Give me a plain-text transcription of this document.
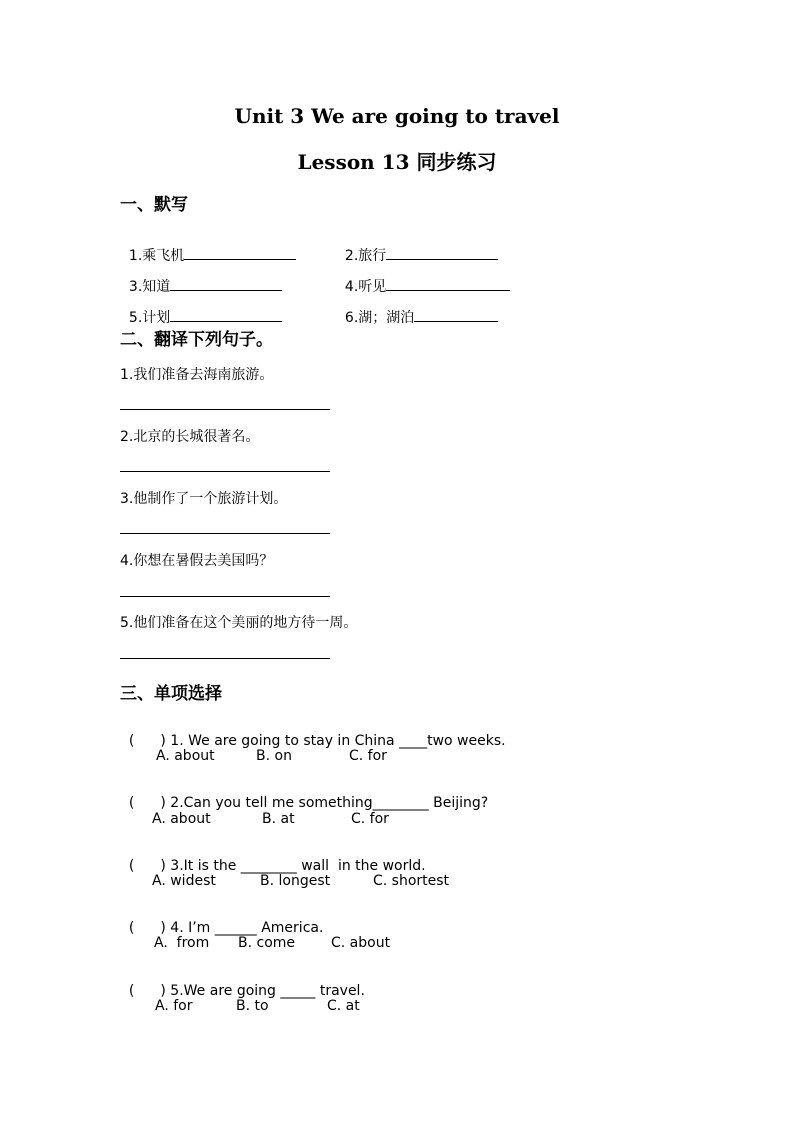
Unit 3 We are going to travel
Lesson 13 同步练习
一、默写

1.乘飞机	2.旅行

3.知道	4.听见

5.计划	6.湖；湖泊

二、翻译下列句子。
1.我们准备去海南旅游。
2.北京的长城很著名。
3.他制作了一个旅游计划。
4.你想在暑假去美国吗？
5.他们准备在这个美丽的地方待一周。
三、单项选择

( ) 1. We are going to stay in China ____two weeks.

A. about	B. on	C. for

( ) 2.Can you tell me something________ Beijing?

A. about	B. at	C. for

( ) 3.It is the ________ wall  in the world.

A. widest	B. longest	C. shortest

( ) 4. I’m ______ America.

A.  from B. come	C. about

( ) 5.We are going _____ travel.

A. for	B. to	C. at
